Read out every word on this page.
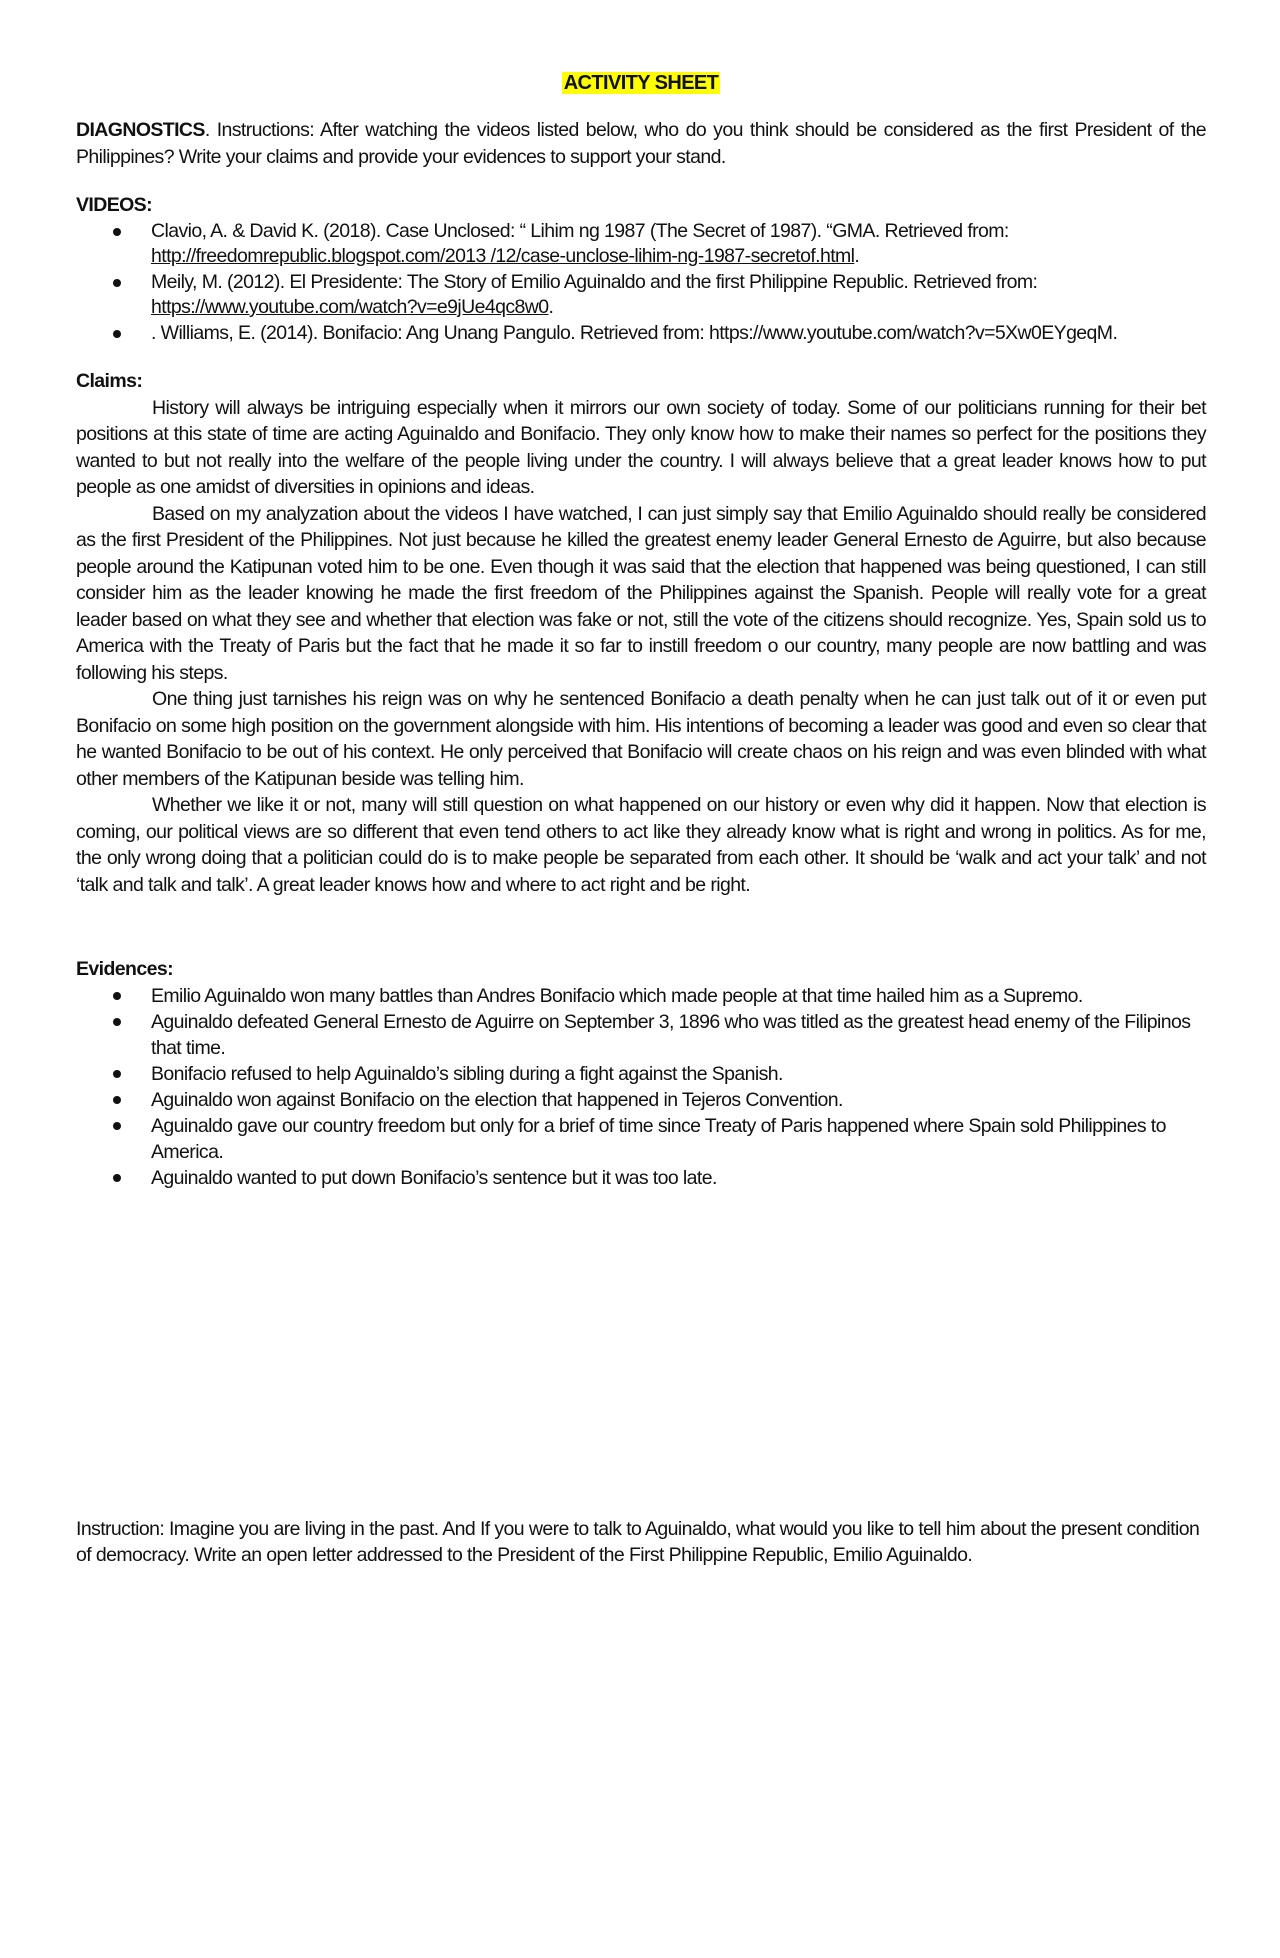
ACTIVITY SHEET

DIAGNOSTICS. Instructions: After watching the videos listed below, who do you think should be considered as the first President of the Philippines? Write your claims and provide your evidences to support your stand.

VIDEOS:
Clavio, A. & David K. (2018). Case Unclosed: “ Lihim ng 1987 (The Secret of 1987). “GMA. Retrieved from: http://freedomrepublic.blogspot.com/2013 /12/case-unclose-lihim-ng-1987-secretof.html.
Meily, M. (2012). El Presidente: The Story of Emilio Aguinaldo and the first Philippine Republic. Retrieved from: https://www.youtube.com/watch?v=e9jUe4qc8w0.
. Williams, E. (2014). Bonifacio: Ang Unang Pangulo. Retrieved from: https://www.youtube.com/watch?v=5Xw0EYgeqM.
Claims:

History will always be intriguing especially when it mirrors our own society of today. Some of our politicians running for their bet positions at this state of time are acting Aguinaldo and Bonifacio. They only know how to make their names so perfect for the positions they wanted to but not really into the welfare of the people living under the country. I will always believe that a great leader knows how to put people as one amidst of diversities in opinions and ideas.

Based on my analyzation about the videos I have watched, I can just simply say that Emilio Aguinaldo should really be considered as the first President of the Philippines. Not just because he killed the greatest enemy leader General Ernesto de Aguirre, but also because people around the Katipunan voted him to be one. Even though it was said that the election that happened was being questioned, I can still consider him as the leader knowing he made the first freedom of the Philippines against the Spanish. People will really vote for a great leader based on what they see and whether that election was fake or not, still the vote of the citizens should recognize. Yes, Spain sold us to America with the Treaty of Paris but the fact that he made it so far to instill freedom o our country, many people are now battling and was following his steps.

One thing just tarnishes his reign was on why he sentenced Bonifacio a death penalty when he can just talk out of it or even put Bonifacio on some high position on the government alongside with him. His intentions of becoming a leader was good and even so clear that he wanted Bonifacio to be out of his context. He only perceived that Bonifacio will create chaos on his reign and was even blinded with what other members of the Katipunan beside was telling him.

Whether we like it or not, many will still question on what happened on our history or even why did it happen. Now that election is coming, our political views are so different that even tend others to act like they already know what is right and wrong in politics. As for me, the only wrong doing that a politician could do is to make people be separated from each other. It should be ‘walk and act your talk’ and not ‘talk and talk and talk’. A great leader knows how and where to act right and be right.

Evidences:
Emilio Aguinaldo won many battles than Andres Bonifacio which made people at that time hailed him as a Supremo.
Aguinaldo defeated General Ernesto de Aguirre on September 3, 1896 who was titled as the greatest head enemy of the Filipinos that time.
Bonifacio refused to help Aguinaldo’s sibling during a fight against the Spanish.
Aguinaldo won against Bonifacio on the election that happened in Tejeros Convention.
Aguinaldo gave our country freedom but only for a brief of time since Treaty of Paris happened where Spain sold Philippines to America.
Aguinaldo wanted to put down Bonifacio’s sentence but it was too late.

Instruction: Imagine you are living in the past. And If you were to talk to Aguinaldo, what would you like to tell him about the present condition of democracy. Write an open letter addressed to the President of the First Philippine Republic, Emilio Aguinaldo.
